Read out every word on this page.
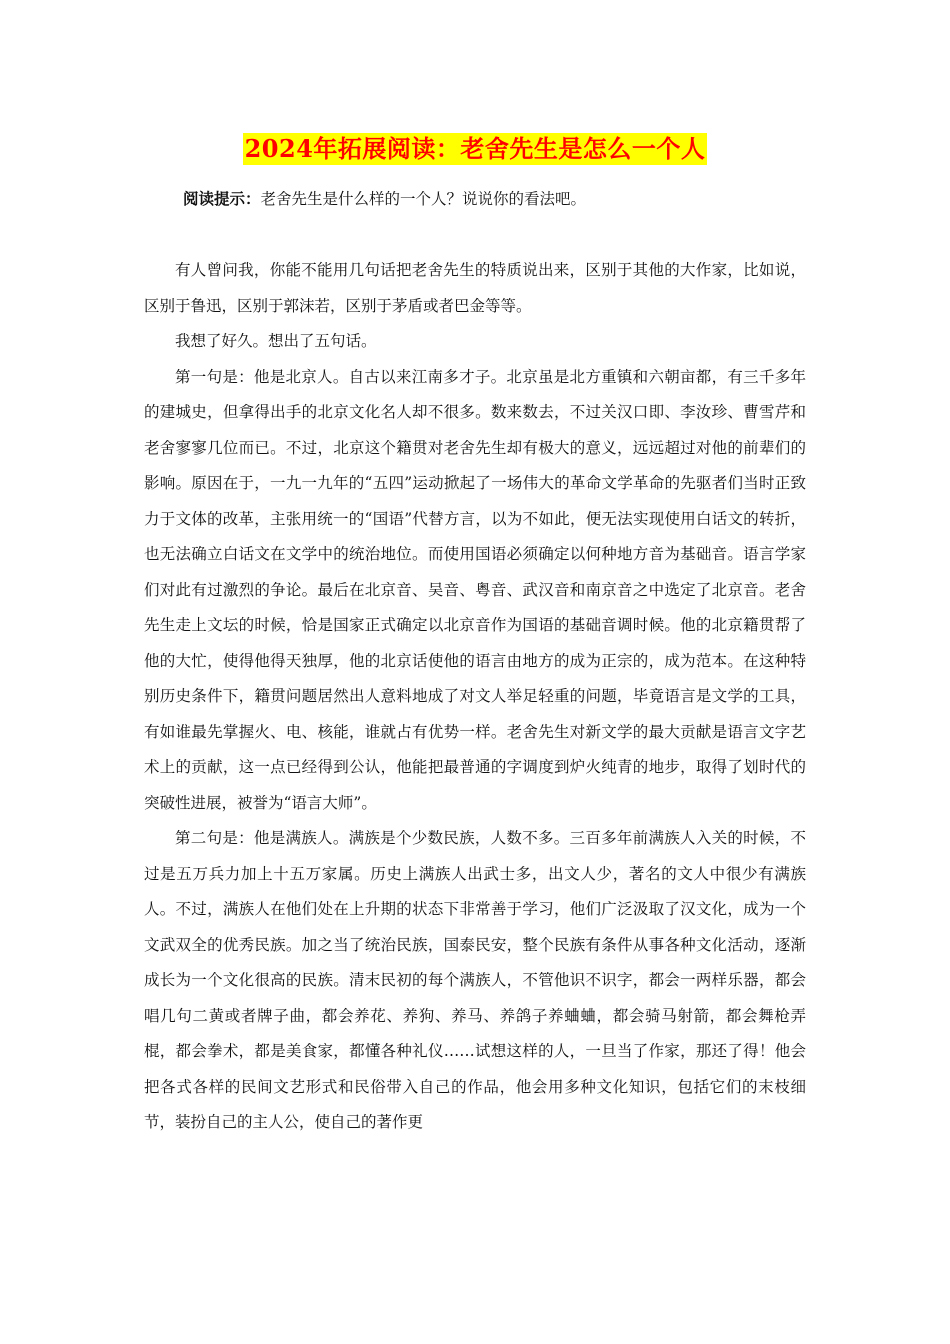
2024年拓展阅读：老舍先生是怎么一个人
阅读提示：老舍先生是什么样的一个人？说说你的看法吧。

有人曾问我，你能不能用几句话把老舍先生的特质说出来，区别于其他的大作家，比如说，区别于鲁迅，区别于郭沫若，区别于茅盾或者巴金等等。

我想了好久。想出了五句话。

第一句是：他是北京人。自古以来江南多才子。北京虽是北方重镇和六朝亩都，有三千多年的建城史，但拿得出手的北京文化名人却不很多。数来数去，不过关汉口即、李汝珍、曹雪芹和老舍寥寥几位而已。不过，北京这个籍贯对老舍先生却有极大的意义，远远超过对他的前辈们的影响。原因在于，一九一九年的“五四”运动掀起了一场伟大的革命文学革命的先驱者们当时正致力于文体的改革，主张用统一的“国语”代替方言，以为不如此，便无法实现使用白话文的转折，也无法确立白话文在文学中的统治地位。而使用国语必须确定以何种地方音为基础音。语言学家们对此有过激烈的争论。最后在北京音、吴音、粤音、武汉音和南京音之中选定了北京音。老舍先生走上文坛的时候，恰是国家正式确定以北京音作为国语的基础音调时候。他的北京籍贯帮了他的大忙，使得他得天独厚，他的北京话使他的语言由地方的成为正宗的，成为范本。在这种特别历史条件下，籍贯问题居然出人意料地成了对文人举足轻重的问题，毕竟语言是文学的工具，有如谁最先掌握火、电、核能，谁就占有优势一样。老舍先生对新文学的最大贡献是语言文字艺术上的贡献，这一点已经得到公认，他能把最普通的字调度到炉火纯青的地步，取得了划时代的突破性进展，被誉为“语言大师”。

第二句是：他是满族人。满族是个少数民族，人数不多。三百多年前满族人入关的时候，不过是五万兵力加上十五万家属。历史上满族人出武士多，出文人少，著名的文人中很少有满族人。不过，满族人在他们处在上升期的状态下非常善于学习，他们广泛汲取了汉文化，成为一个文武双全的优秀民族。加之当了统治民族，国泰民安，整个民族有条件从事各种文化活动，逐渐成长为一个文化很高的民族。清末民初的每个满族人，不管他识不识字，都会一两样乐器，都会唱几句二黄或者牌子曲，都会养花、养狗、养马、养鸽子养蛐蛐，都会骑马射箭，都会舞枪弄棍，都会拳术，都是美食家，都懂各种礼仪……试想这样的人，一旦当了作家，那还了得！他会把各式各样的民间文艺形式和民俗带入自己的作品，他会用多种文化知识，包括它们的末枝细节，装扮自己的主人公，使自己的著作更
